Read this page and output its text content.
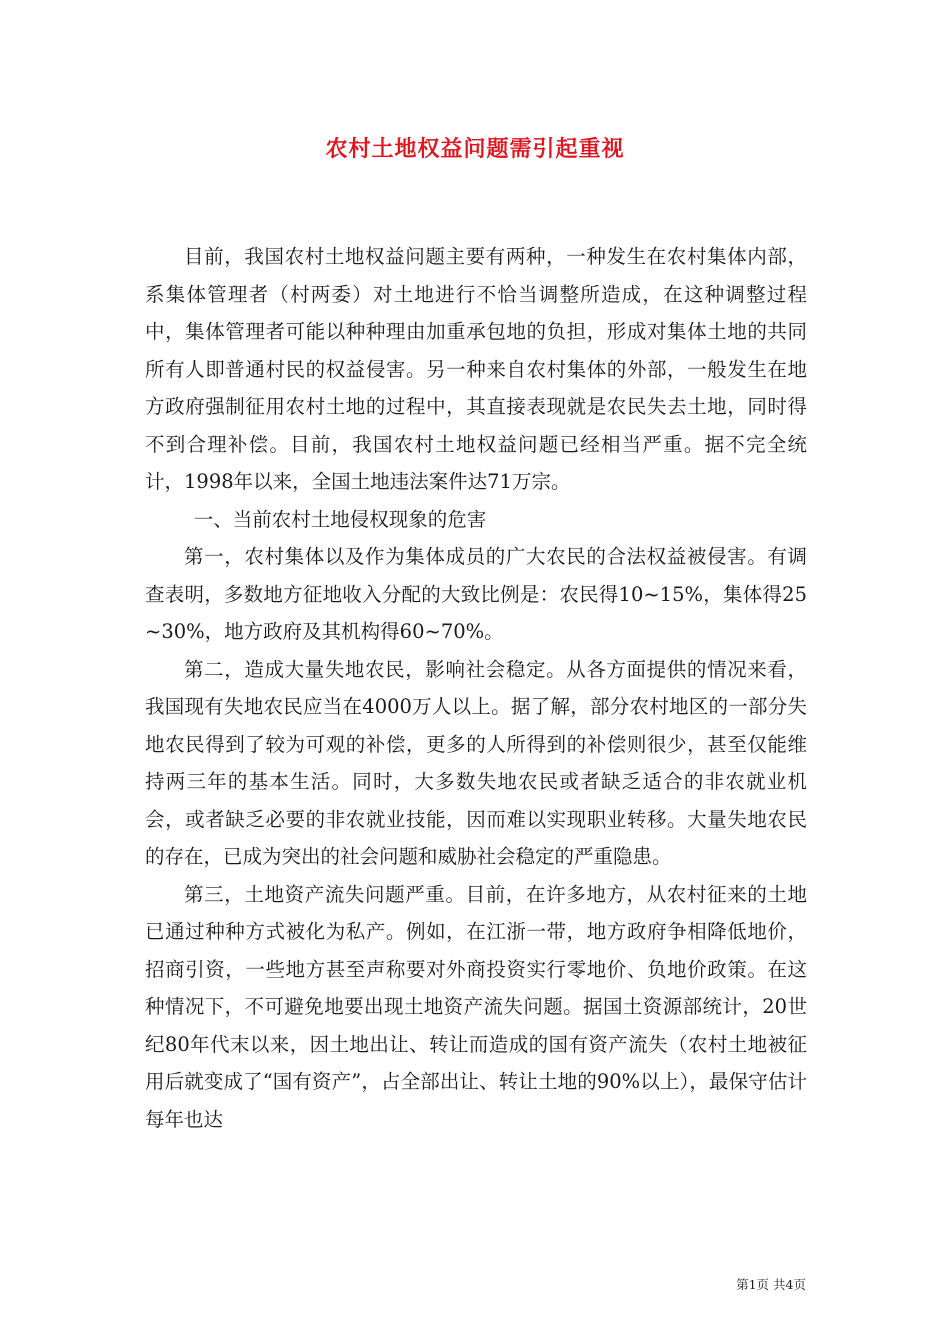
农村土地权益问题需引起重视

目前，我国农村土地权益问题主要有两种，一种发生在农村集体内部，系集体管理者（村两委）对土地进行不恰当调整所造成，在这种调整过程中，集体管理者可能以种种理由加重承包地的负担，形成对集体土地的共同所有人即普通村民的权益侵害。另一种来自农村集体的外部，一般发生在地方政府强制征用农村土地的过程中，其直接表现就是农民失去土地，同时得不到合理补偿。目前，我国农村土地权益问题已经相当严重。据不完全统计，1998年以来，全国土地违法案件达71万宗。

一、当前农村土地侵权现象的危害

第一，农村集体以及作为集体成员的广大农民的合法权益被侵害。有调查表明，多数地方征地收入分配的大致比例是：农民得10~15%，集体得25~30%，地方政府及其机构得60~70%。

第二，造成大量失地农民，影响社会稳定。从各方面提供的情况来看，我国现有失地农民应当在4000万人以上。据了解，部分农村地区的一部分失地农民得到了较为可观的补偿，更多的人所得到的补偿则很少，甚至仅能维持两三年的基本生活。同时，大多数失地农民或者缺乏适合的非农就业机会，或者缺乏必要的非农就业技能，因而难以实现职业转移。大量失地农民的存在，已成为突出的社会问题和威胁社会稳定的严重隐患。

第三，土地资产流失问题严重。目前，在许多地方，从农村征来的土地已通过种种方式被化为私产。例如，在江浙一带，地方政府争相降低地价，招商引资，一些地方甚至声称要对外商投资实行零地价、负地价政策。在这种情况下，不可避免地要出现土地资产流失问题。据国土资源部统计，20世纪80年代末以来，因土地出让、转让而造成的国有资产流失（农村土地被征用后就变成了“国有资产”，占全部出让、转让土地的90%以上），最保守估计每年也达

第1页 共4页
